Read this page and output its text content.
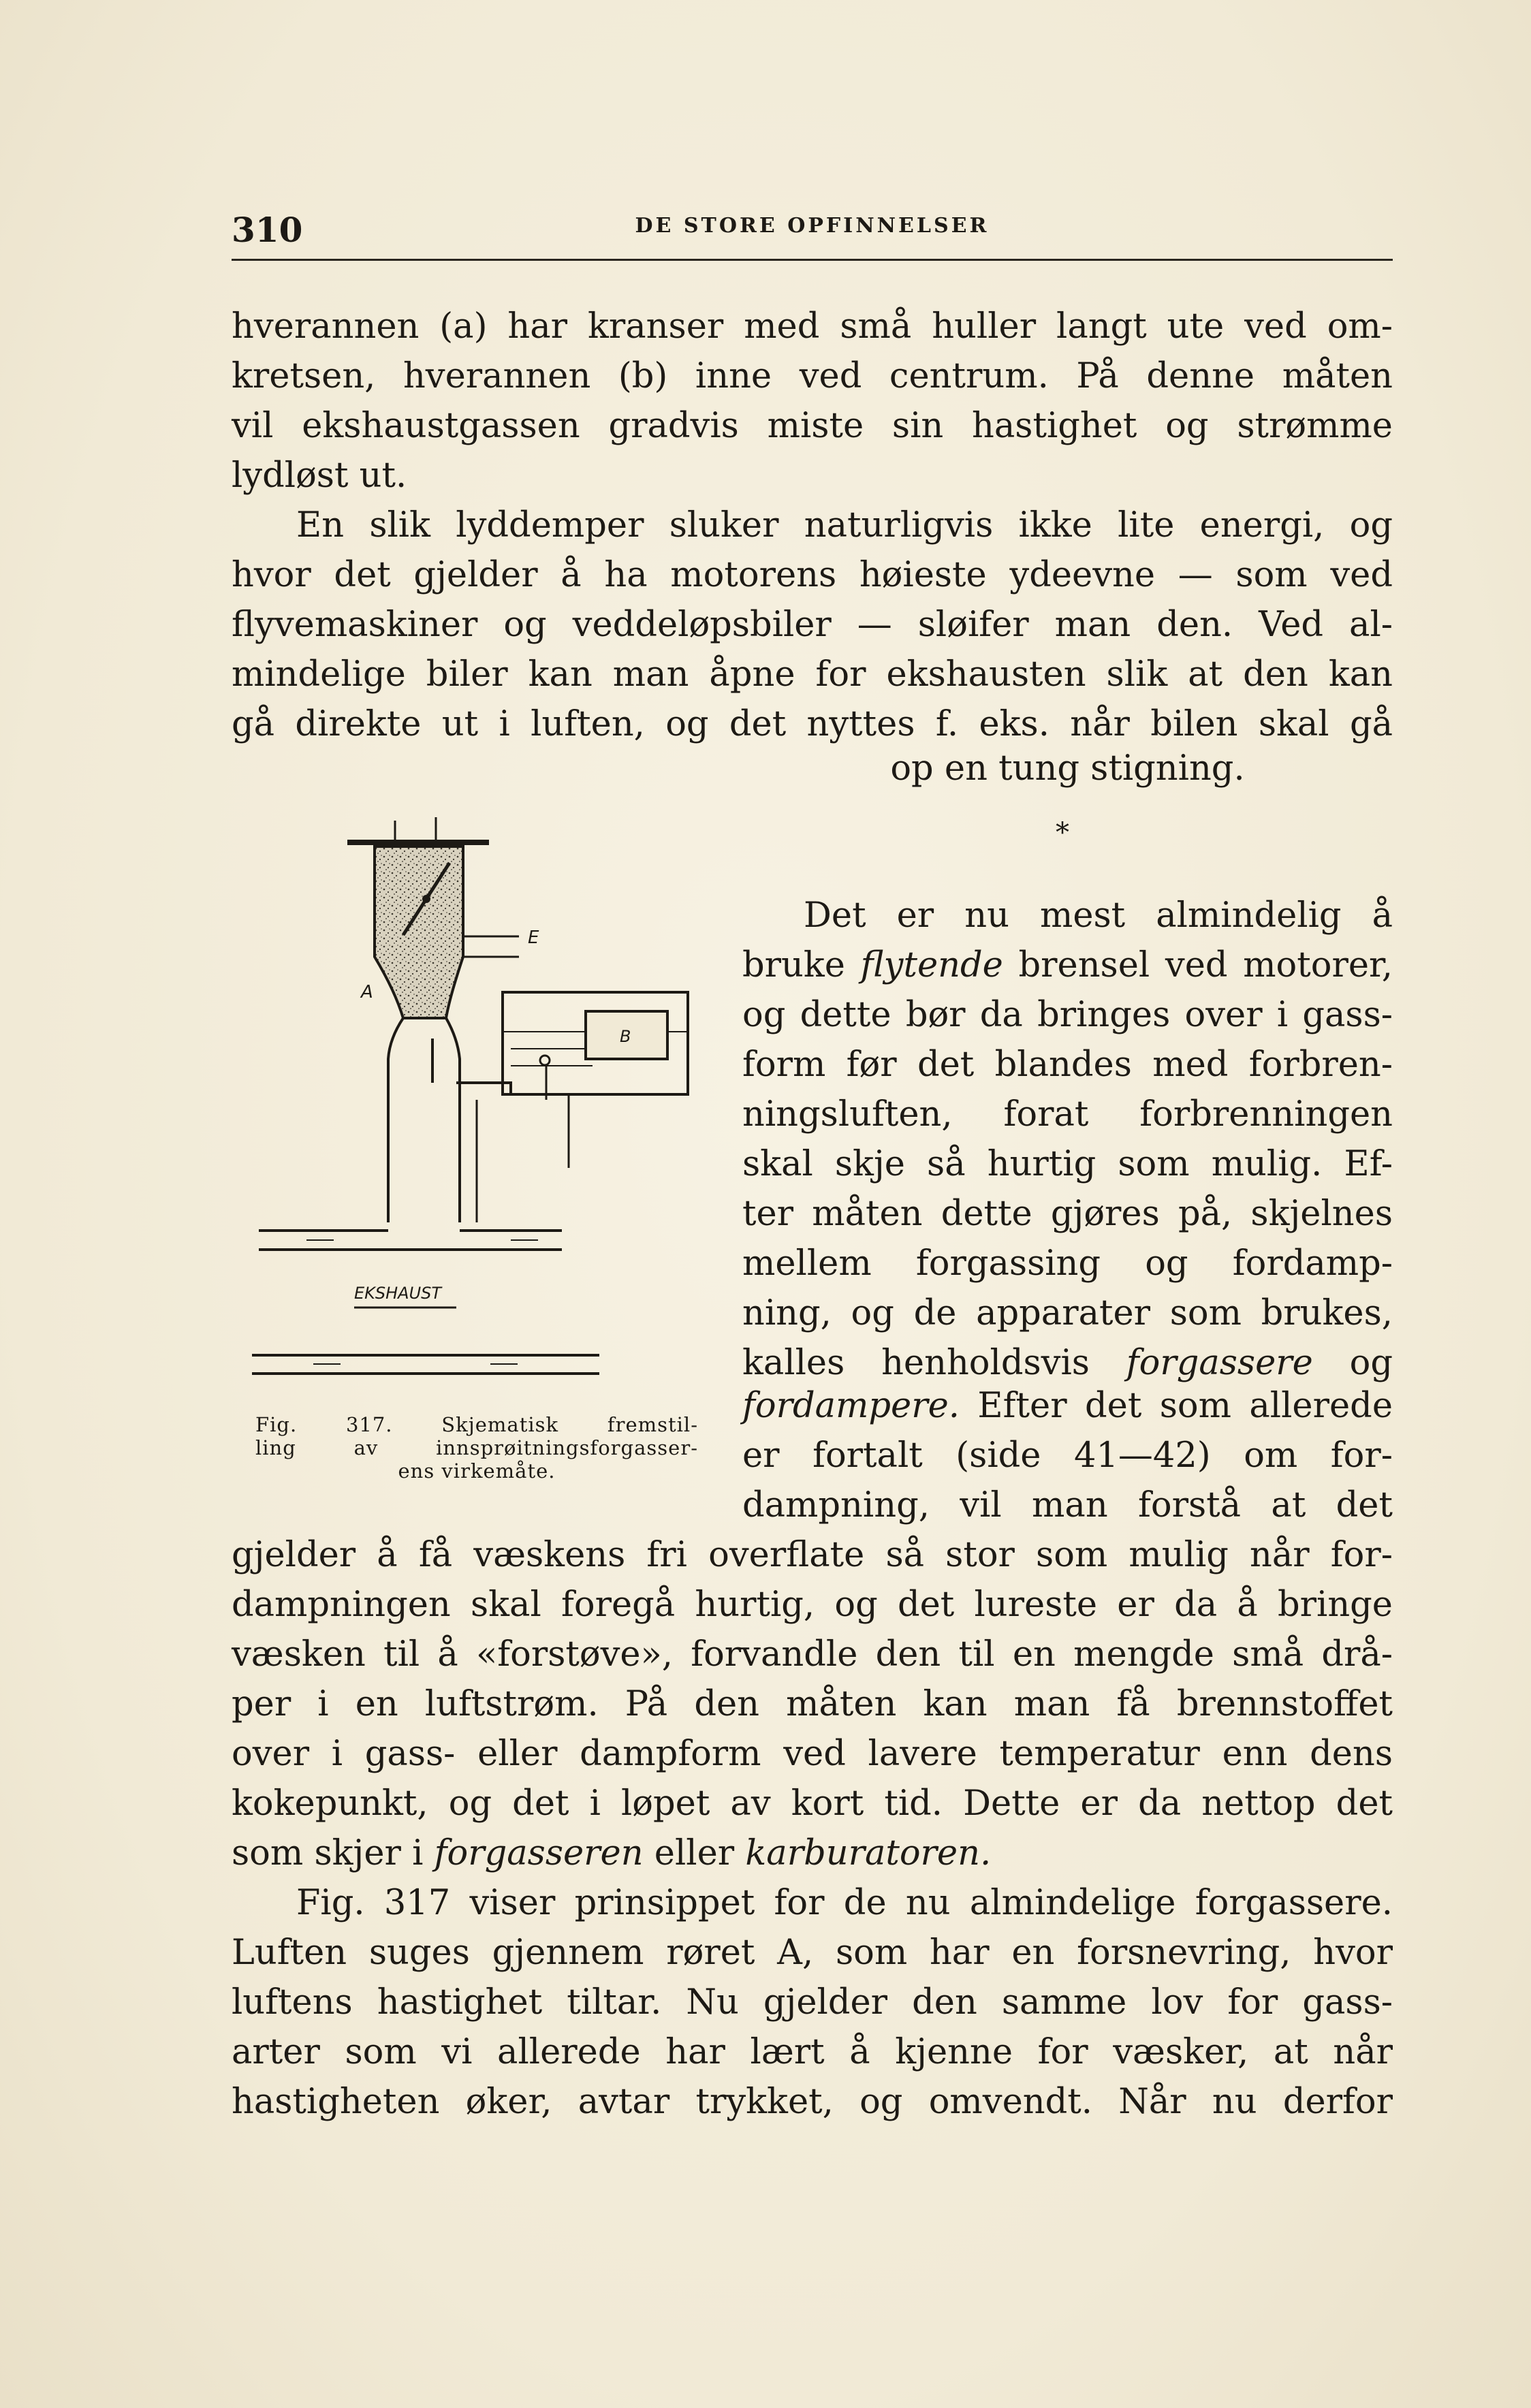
310	DE STORE OPFINNELSER
hverannen (a) har kranser med små huller langt ute ved om-
kretsen, hverannen (b) inne ved centrum. På denne måten
vil ekshaustgassen gradvis miste sin hastighet og strømme
lydløst ut.
En slik lyddemper sluker naturligvis ikke lite energi, og
hvor det gjelder å ha motorens høieste ydeevne — som ved
flyvemaskiner og veddeløpsbiler — sløifer man den. Ved al-
mindelige biler kan man åpne for ekshausten slik at den kan
gå direkte ut i luften, og det nyttes f. eks. når bilen skal gå
op en tung stigning.
*
E
A
B
EKSHAUST
Fig. 317. Skjematisk fremstil-
ling av innsprøitningsforgasser-
ens virkemåte.
Det er nu mest almindelig å
bruke flytende brensel ved motorer,
og dette bør da bringes over i gass-
form før det blandes med forbren-
ningsluften, forat forbrenningen
skal skje så hurtig som mulig. Ef-
ter måten dette gjøres på, skjelnes
mellem forgassing og fordamp-
ning, og de apparater som brukes,
kalles henholdsvis forgassere og
fordampere. Efter det som allerede
er fortalt (side 41—42) om for-
dampning, vil man forstå at det
gjelder å få væskens fri overflate så stor som mulig når for-
dampningen skal foregå hurtig, og det lureste er da å bringe
væsken til å «forstøve», forvandle den til en mengde små drå-
per i en luftstrøm. På den måten kan man få brennstoffet
over i gass- eller dampform ved lavere temperatur enn dens
kokepunkt, og det i løpet av kort tid. Dette er da nettop det
som skjer i forgasseren eller karburatoren.
Fig. 317 viser prinsippet for de nu almindelige forgassere.
Luften suges gjennem røret A, som har en forsnevring, hvor
luftens hastighet tiltar. Nu gjelder den samme lov for gass-
arter som vi allerede har lært å kjenne for væsker, at når
hastigheten øker, avtar trykket, og omvendt. Når nu derfor
